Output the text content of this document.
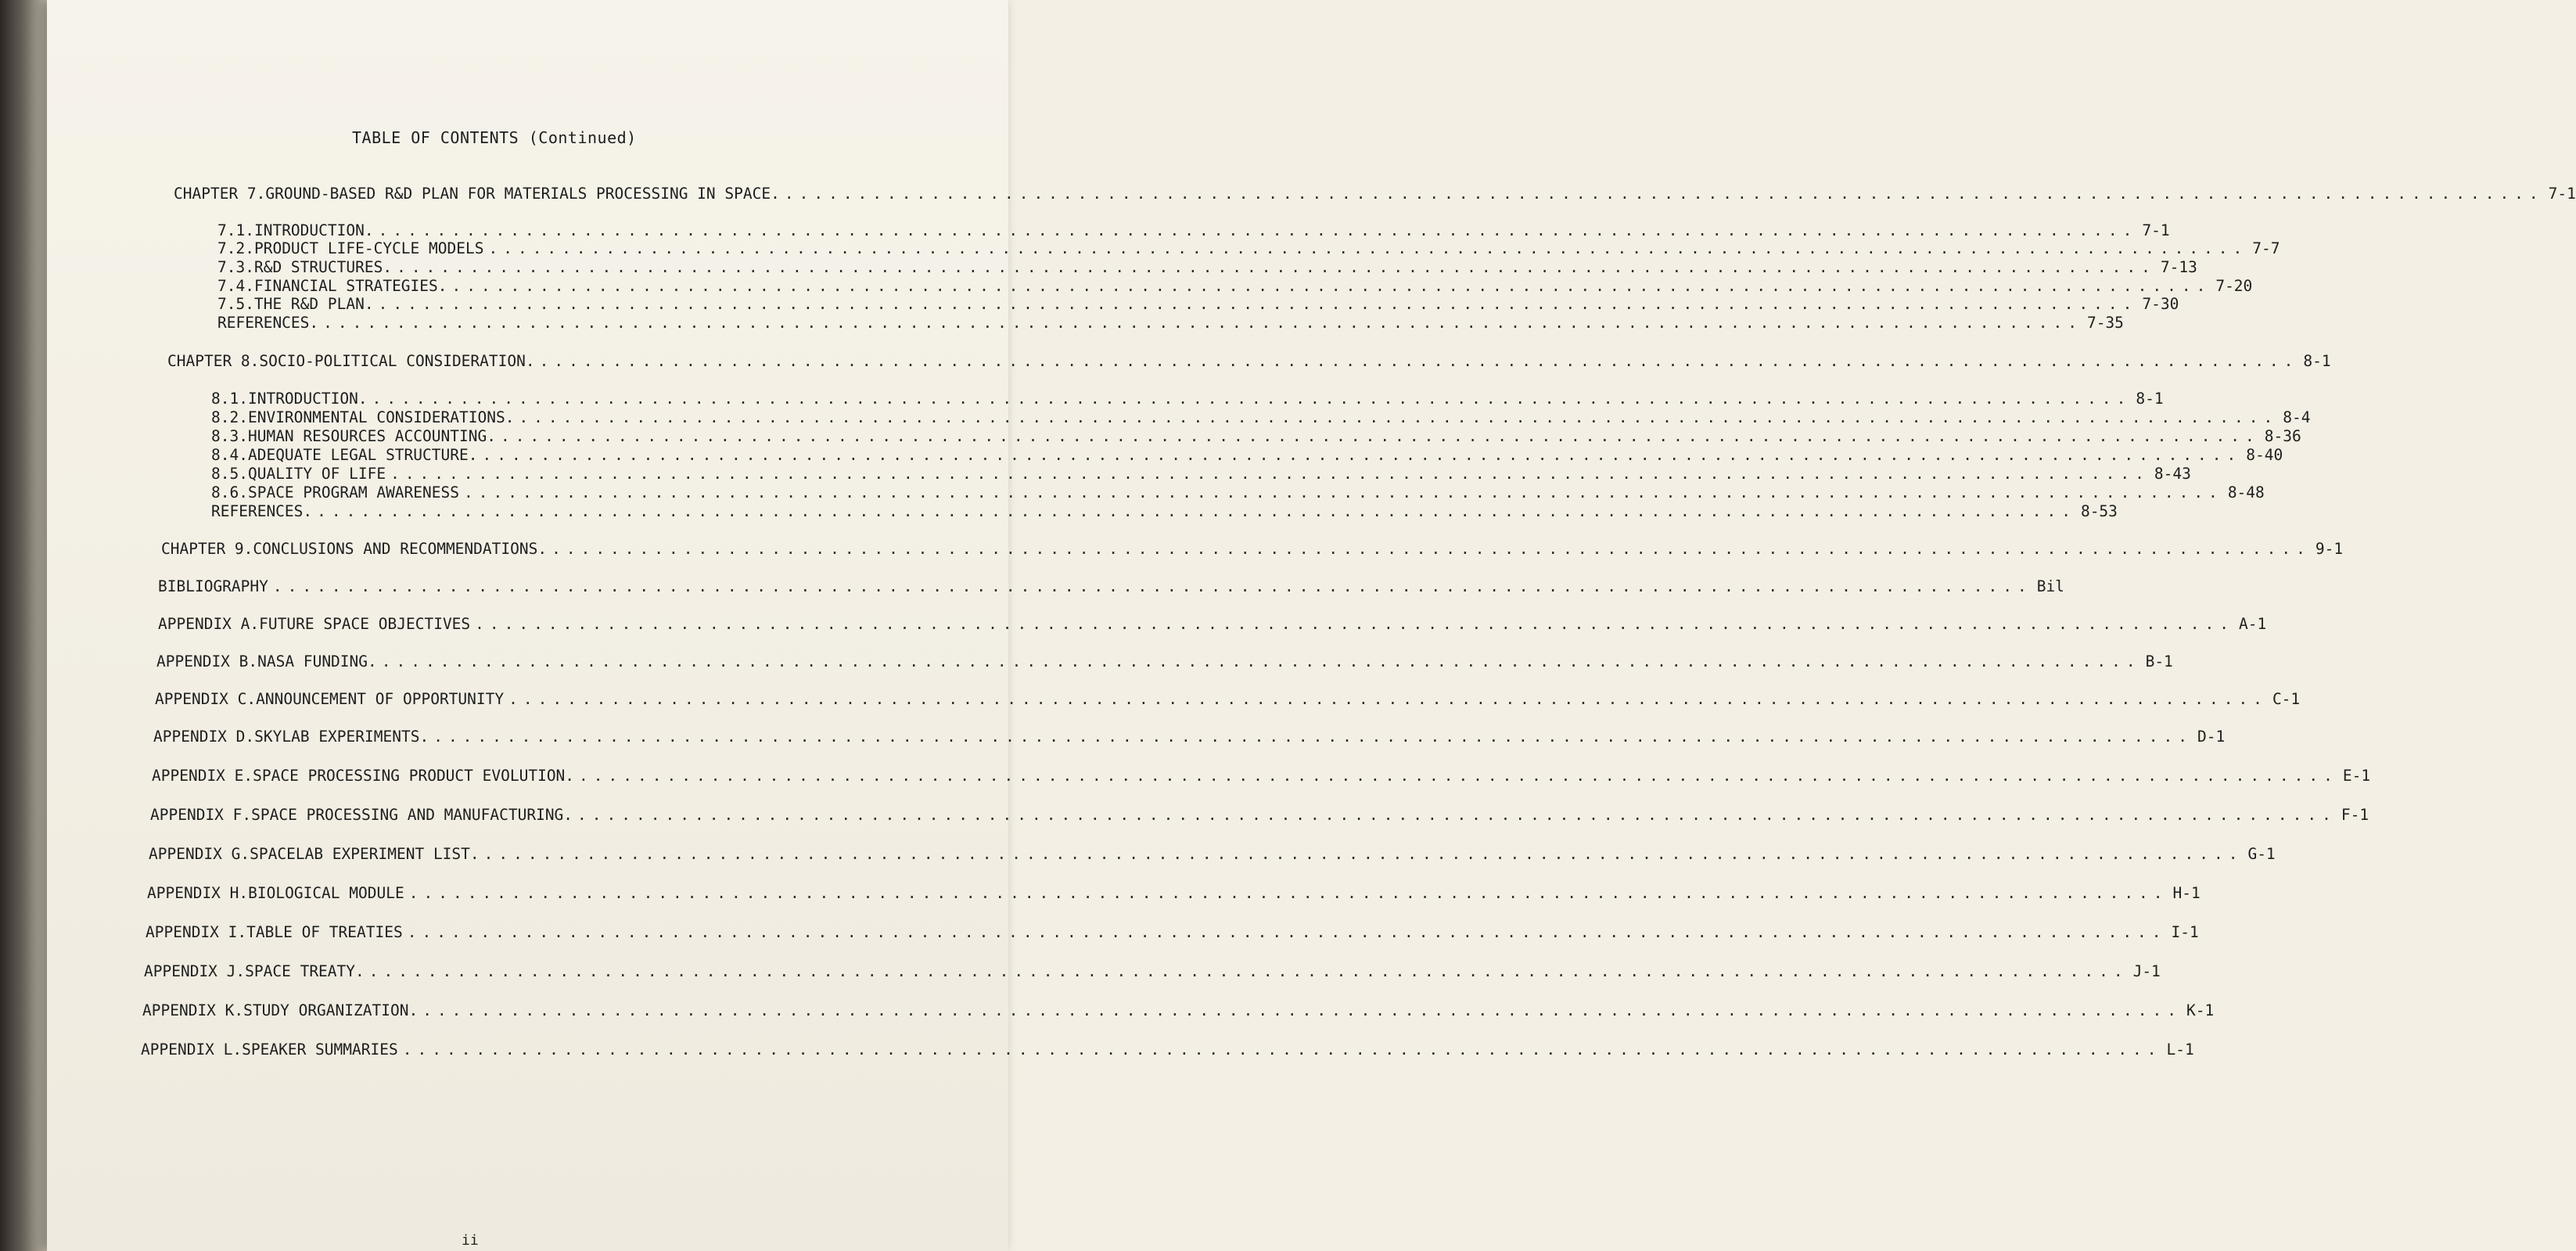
TABLE OF CONTENTS (Continued)
CHAPTER 7. GROUND-BASED R&D PLAN FOR MATERIALS PROCESSING IN SPACE. ........................................................................................................................ 7-1
7.1. INTRODUCTION. ........................................................................................................................ 7-1
7.2. PRODUCT LIFE-CYCLE MODELS ........................................................................................................................ 7-7
7.3. R&D STRUCTURES. ........................................................................................................................ 7-13
7.4. FINANCIAL STRATEGIES. ........................................................................................................................ 7-20
7.5. THE R&D PLAN. ........................................................................................................................ 7-30
REFERENCES. ........................................................................................................................ 7-35
CHAPTER 8. SOCIO-POLITICAL CONSIDERATION. ........................................................................................................................ 8-1
8.1. INTRODUCTION. ........................................................................................................................ 8-1
8.2. ENVIRONMENTAL CONSIDERATIONS. ........................................................................................................................ 8-4
8.3. HUMAN RESOURCES ACCOUNTING. ........................................................................................................................ 8-36
8.4. ADEQUATE LEGAL STRUCTURE. ........................................................................................................................ 8-40
8.5. QUALITY OF LIFE ........................................................................................................................ 8-43
8.6. SPACE PROGRAM AWARENESS ........................................................................................................................ 8-48
REFERENCES. ........................................................................................................................ 8-53
CHAPTER 9. CONCLUSIONS AND RECOMMENDATIONS. ........................................................................................................................ 9-1
BIBLIOGRAPHY ........................................................................................................................ Bil
APPENDIX A. FUTURE SPACE OBJECTIVES ........................................................................................................................ A-1
APPENDIX B. NASA FUNDING. ........................................................................................................................ B-1
APPENDIX C. ANNOUNCEMENT OF OPPORTUNITY ........................................................................................................................ C-1
APPENDIX D. SKYLAB EXPERIMENTS. ........................................................................................................................ D-1
APPENDIX E. SPACE PROCESSING PRODUCT EVOLUTION. ........................................................................................................................ E-1
APPENDIX F. SPACE PROCESSING AND MANUFACTURING. ........................................................................................................................ F-1
APPENDIX G. SPACELAB EXPERIMENT LIST. ........................................................................................................................ G-1
APPENDIX H. BIOLOGICAL MODULE ........................................................................................................................ H-1
APPENDIX I. TABLE OF TREATIES ........................................................................................................................ I-1
APPENDIX J. SPACE TREATY. ........................................................................................................................ J-1
APPENDIX K. STUDY ORGANIZATION. ........................................................................................................................ K-1
APPENDIX L. SPEAKER SUMMARIES ........................................................................................................................ L-1
ii
